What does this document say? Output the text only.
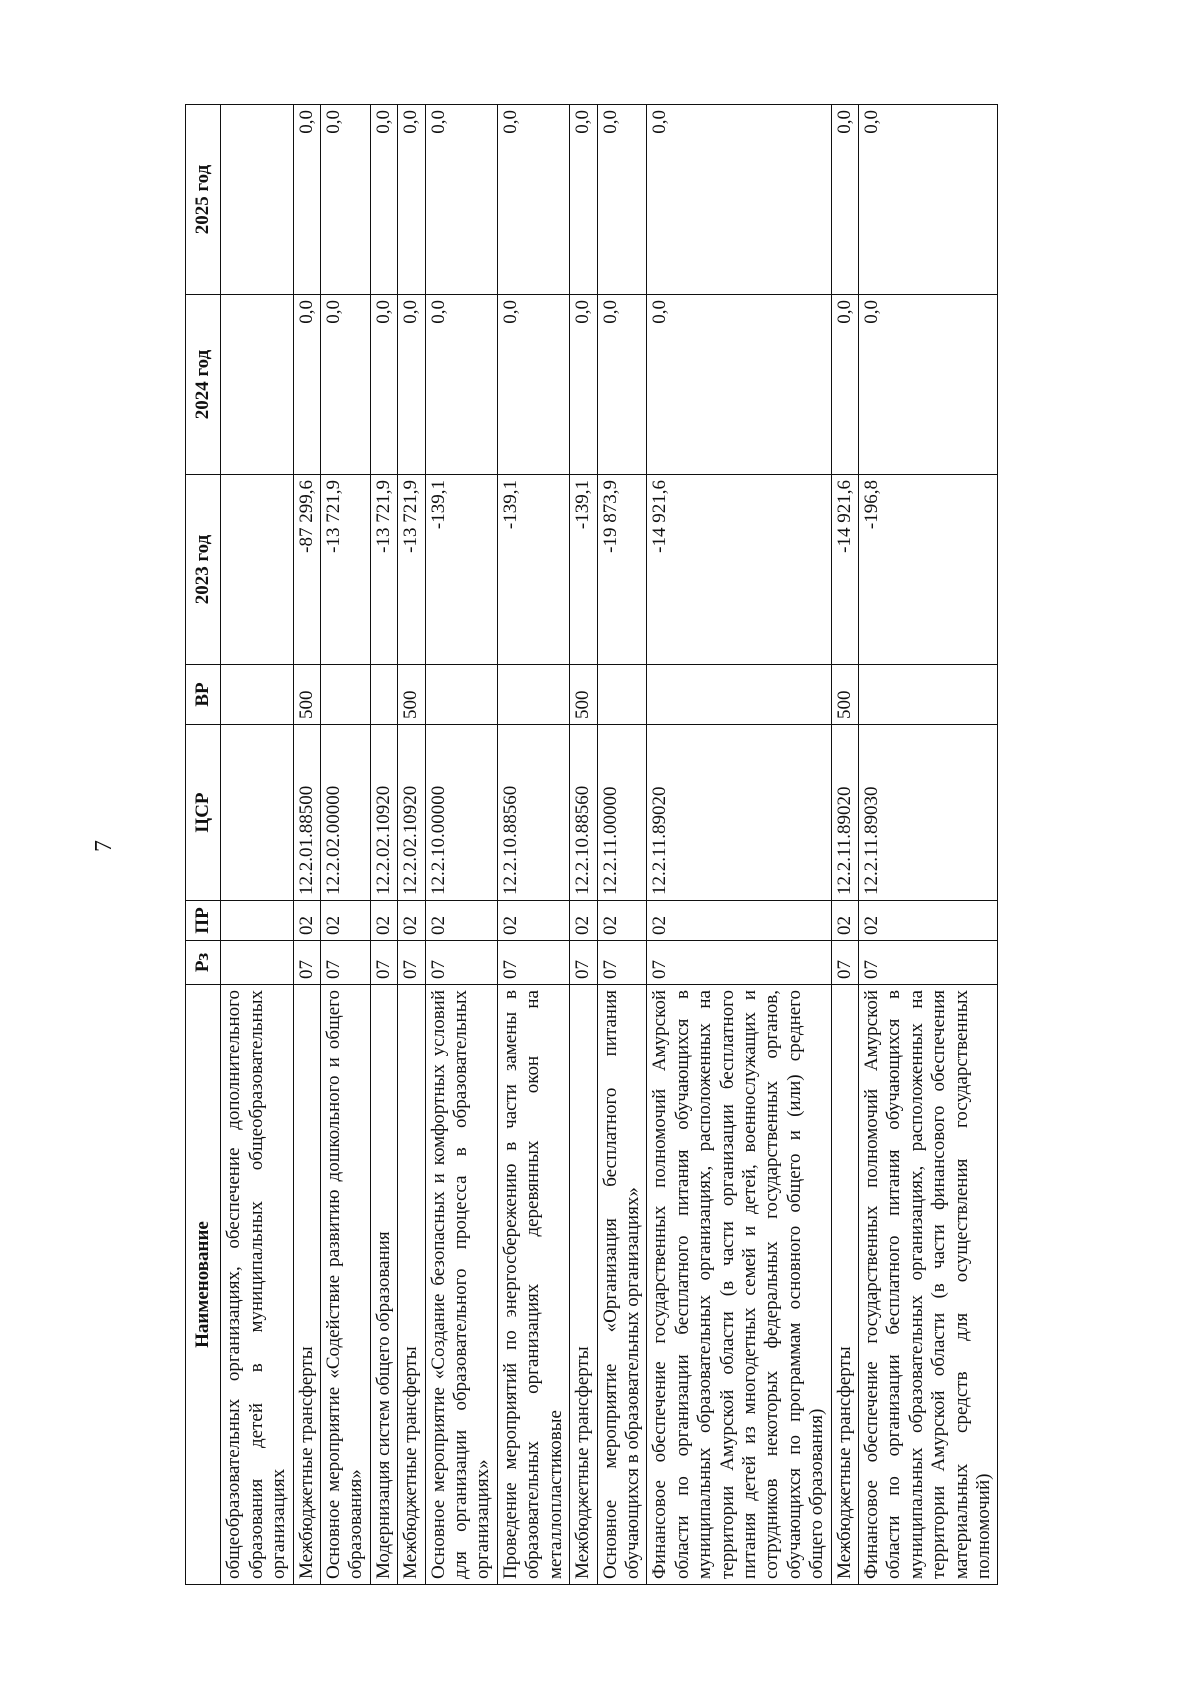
7
Наименование	Рз	ПР	ЦСР	ВР	2023 год	2024 год	2025 год
общеобразовательных организациях, обеспечение дополнительного образования детей в муниципальных общеобразовательных организациях							
Межбюджетные трансферты	07	02	12.2.01.88500	500	-87 299,6	0,0	0,0
Основное мероприятие «Содействие развитию дошкольного и общего образования»	07	02	12.2.02.00000		-13 721,9	0,0	0,0
Модернизация систем общего образования	07	02	12.2.02.10920		-13 721,9	0,0	0,0
Межбюджетные трансферты	07	02	12.2.02.10920	500	-13 721,9	0,0	0,0
Основное мероприятие «Создание безопасных и комфортных условий для организации образовательного процесса в образовательных организациях»	07	02	12.2.10.00000		-139,1	0,0	0,0
Проведение мероприятий по энергосбережению в части замены в образовательных организациях деревянных окон на металлопластиковые	07	02	12.2.10.88560		-139,1	0,0	0,0
Межбюджетные трансферты	07	02	12.2.10.88560	500	-139,1	0,0	0,0
Основное мероприятие «Организация бесплатного питания обучающихся в образовательных организациях»	07	02	12.2.11.00000		-19 873,9	0,0	0,0
Финансовое обеспечение государственных полномочий Амурской области по организации бесплатного питания обучающихся в муниципальных образовательных организациях, расположенных на территории Амурской области (в части организации бесплатного питания детей из многодетных семей и детей, военнослужащих и сотрудников некоторых федеральных государственных органов, обучающихся по программам основного общего и (или) среднего общего образования)	07	02	12.2.11.89020		-14 921,6	0,0	0,0
Межбюджетные трансферты	07	02	12.2.11.89020	500	-14 921,6	0,0	0,0
Финансовое обеспечение государственных полномочий Амурской области по организации бесплатного питания обучающихся в муниципальных образовательных организациях, расположенных на территории Амурской области (в части финансового обеспечения материальных средств для осуществления государственных полномочий)	07	02	12.2.11.89030		-196,8	0,0	0,0
